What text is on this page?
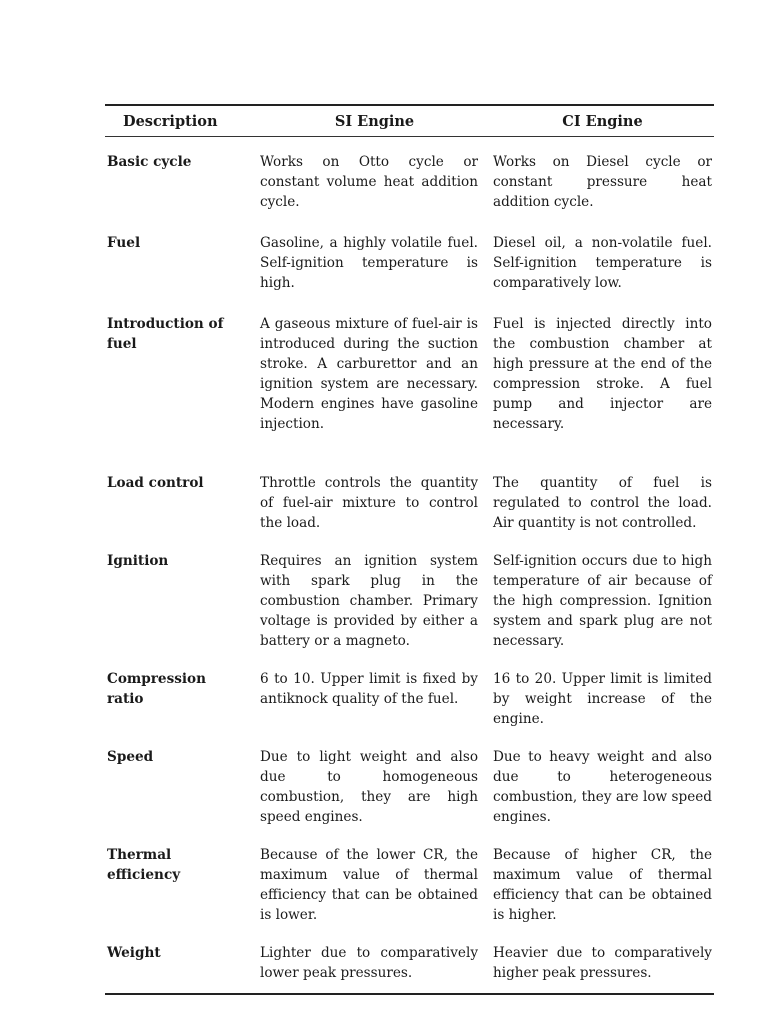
Description	SI Engine	CI Engine
Basic cycle	Works on Otto cycle or constant volume heat addition cycle.	Works on Diesel cycle or constant pressure heat addition cycle.
Fuel	Gasoline, a highly volatile fuel. Self-ignition temperature is high.	Diesel oil, a non-volatile fuel. Self-ignition temperature is comparatively low.
Introduction of fuel	A gaseous mixture of fuel-air is introduced during the suction stroke. A carburettor and an ignition system are necessary. Modern engines have gasoline injection.	Fuel is injected directly into the combustion chamber at high pressure at the end of the compression stroke. A fuel pump and injector are necessary.
Load control	Throttle controls the quantity of fuel-air mixture to control the load.	The quantity of fuel is regulated to control the load. Air quantity is not controlled.
Ignition	Requires an ignition system with spark plug in the combustion chamber. Primary voltage is provided by either a battery or a magneto.	Self-ignition occurs due to high temperature of air because of the high compression. Ignition system and spark plug are not necessary.
Compression ratio	6 to 10. Upper limit is fixed by antiknock quality of the fuel.	16 to 20. Upper limit is limited by weight increase of the engine.
Speed	Due to light weight and also due to homogeneous combustion, they are high speed engines.	Due to heavy weight and also due to heterogeneous combustion, they are low speed engines.
Thermal efficiency	Because of the lower CR, the maximum value of thermal efficiency that can be obtained is lower.	Because of higher CR, the maximum value of thermal efficiency that can be obtained is higher.
Weight	Lighter due to comparatively lower peak pressures.	Heavier due to comparatively higher peak pressures.
